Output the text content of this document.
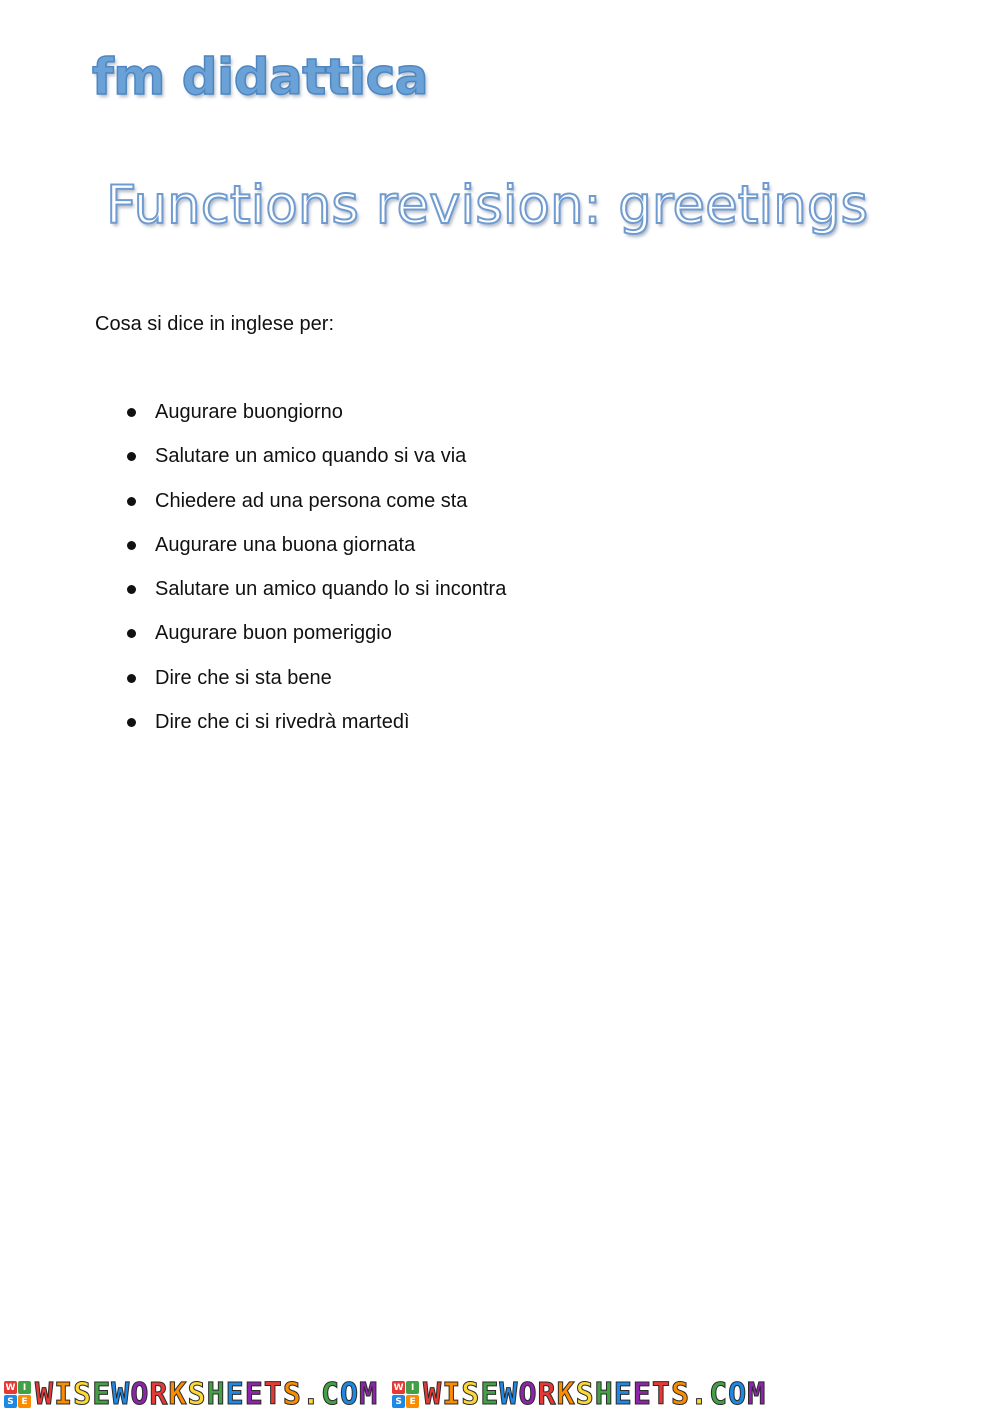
fm didattica
Functions revision: greetings
Cosa si dice in inglese per:
Augurare buongiorno
Salutare un amico quando si va via
Chiedere ad una persona come sta
Augurare una buona giornata
Salutare un amico quando lo si incontra
Augurare buon pomeriggio
Dire che si sta bene
Dire che ci si rivedrà martedì
W I
S E WISEWORKSHEETS.COM W I
S E WISEWORKSHEETS.COM
